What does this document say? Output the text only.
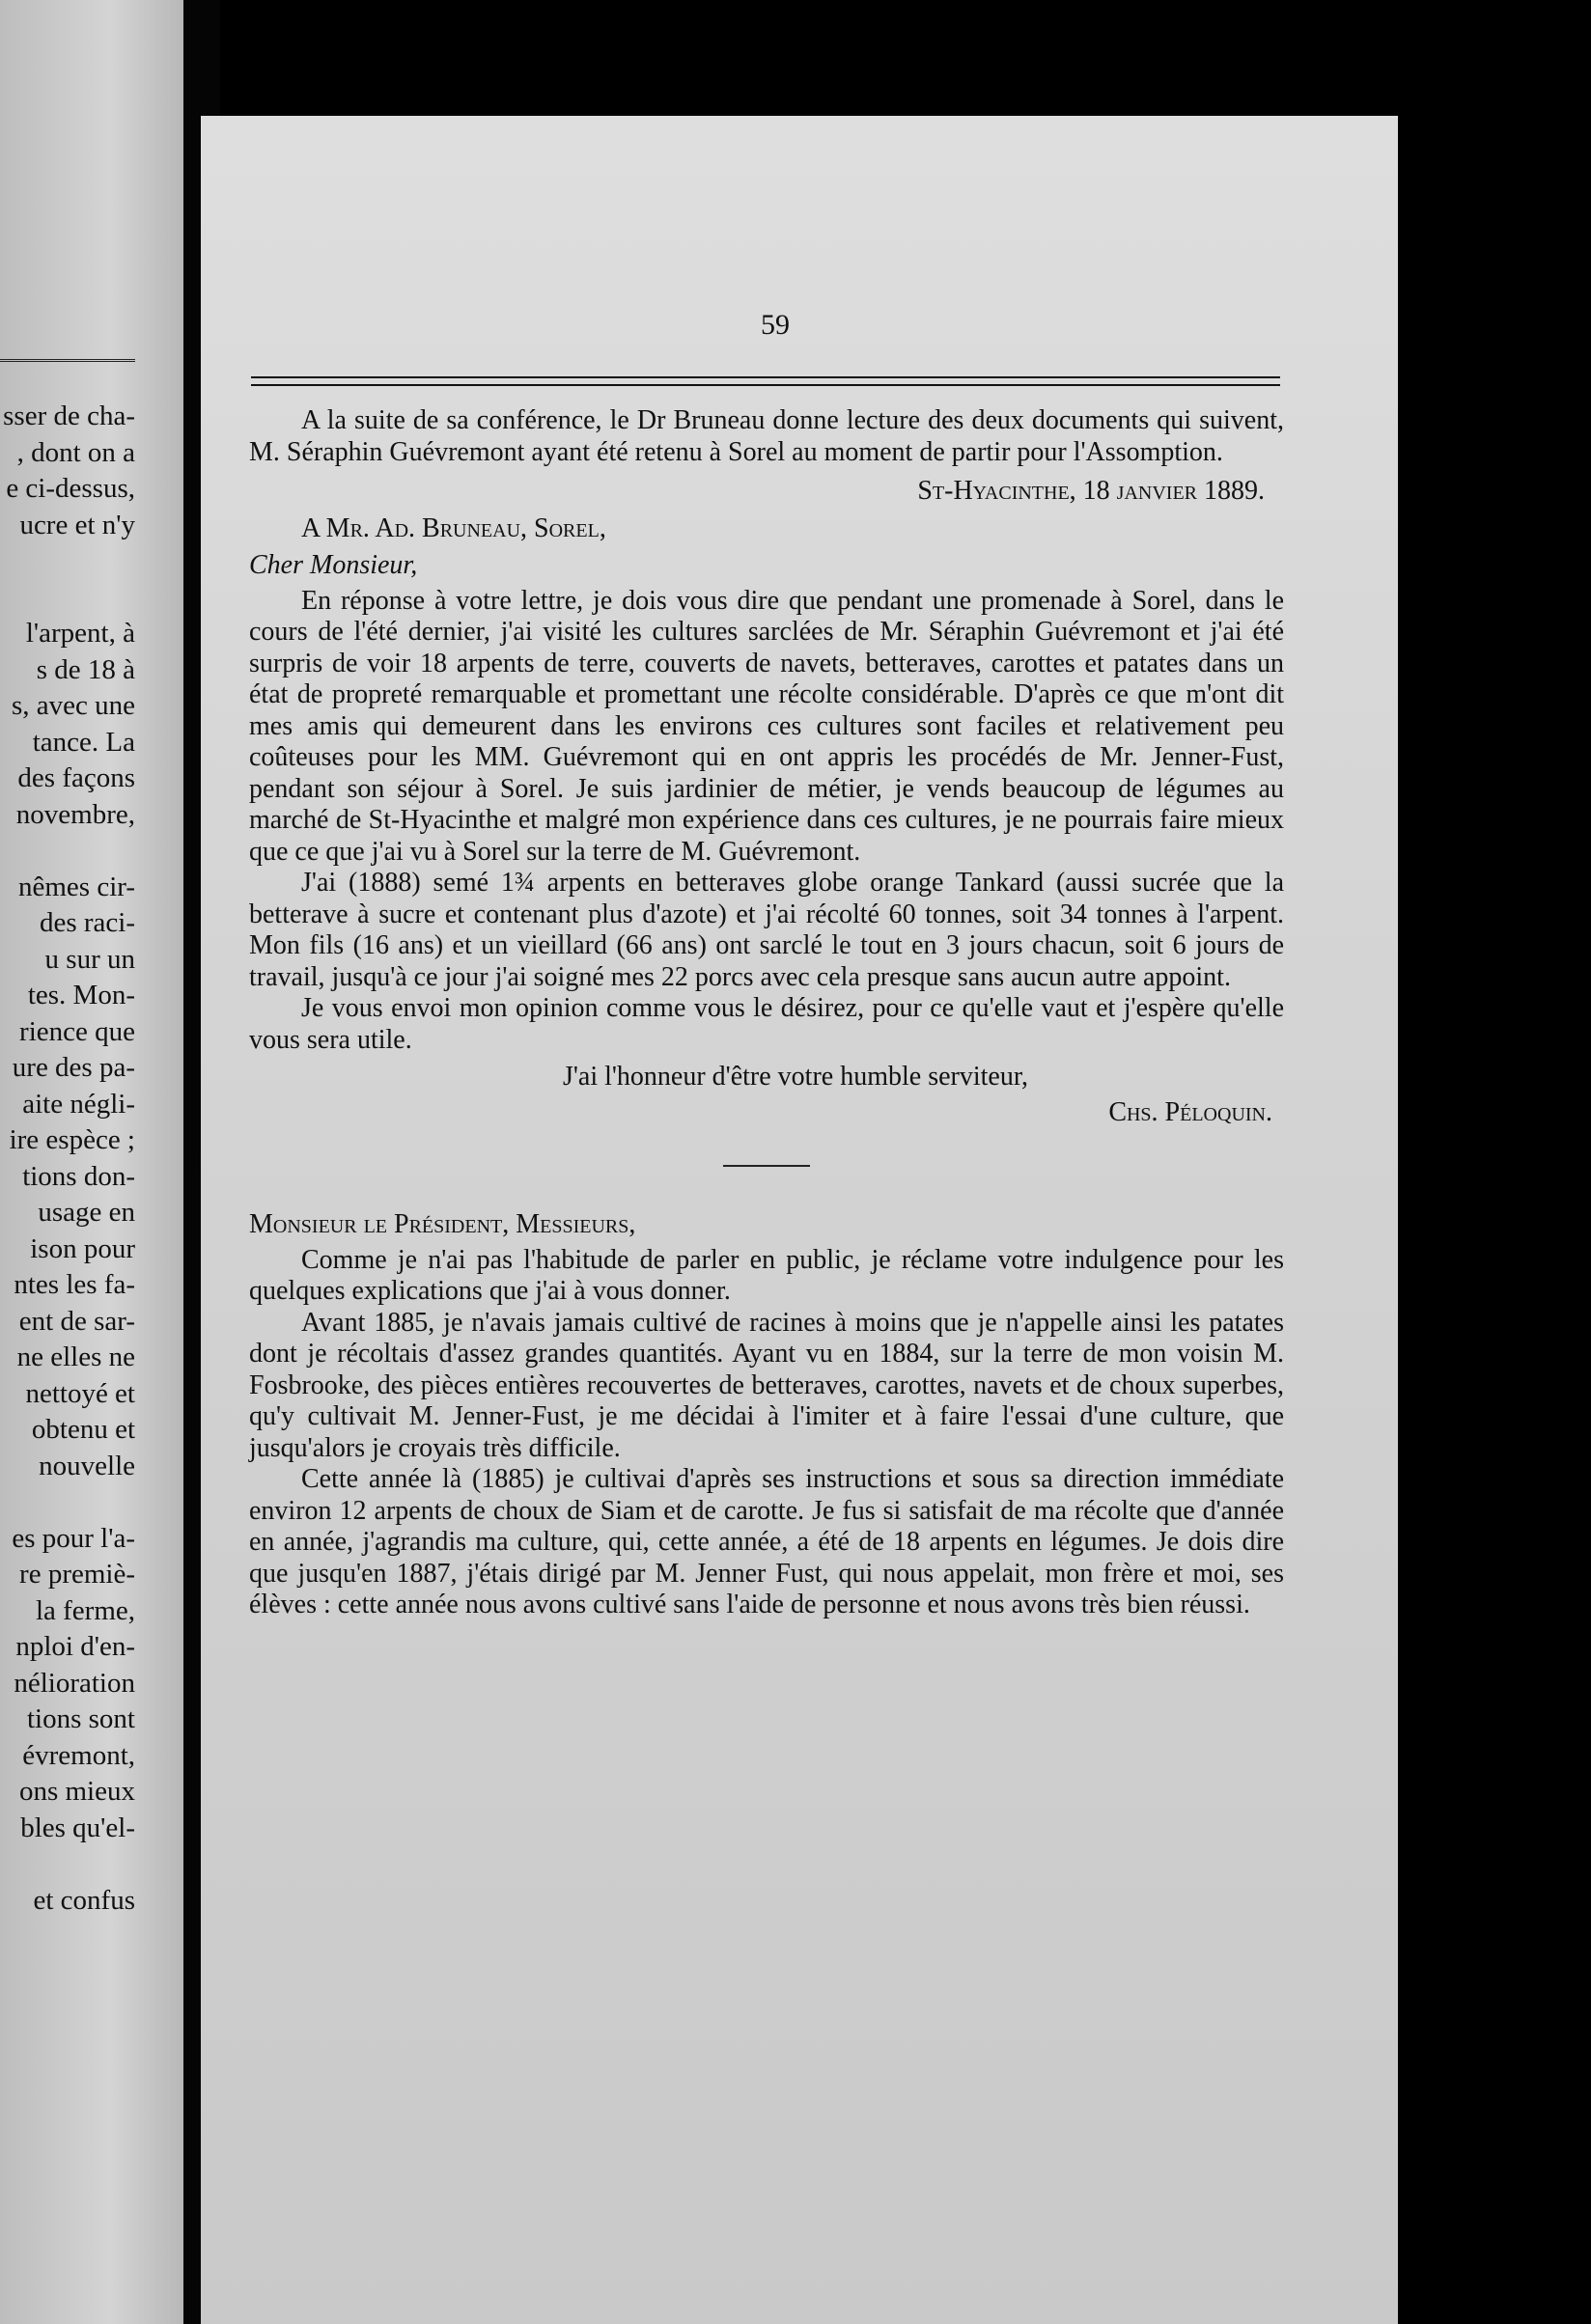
sser de cha-
, dont on a
e ci-dessus,
ucre et n'y
l'arpent, à
s de 18 à
s, avec une
tance. La
des façons
novembre,
nêmes cir-
des raci-
u sur un
tes. Mon-
rience que
ure des pa-
aite négli-
ire espèce ;
tions don-
usage en
ison pour
ntes les fa-
ent de sar-
ne elles ne
nettoyé et
obtenu et
nouvelle
es pour l'a-
re premiè-
la ferme,
nploi d'en-
nélioration
tions sont
évremont,
ons mieux
bles qu'el-
et confus
59

A la suite de sa conférence, le Dr Bruneau donne lecture des deux documents qui suivent, M. Séraphin Guévremont ayant été retenu à Sorel au moment de partir pour l'Assomption.

St-Hyacinthe, 18 janvier 1889.
A Mr. Ad. Bruneau, Sorel,
Cher Monsieur,

En réponse à votre lettre, je dois vous dire que pendant une promenade à Sorel, dans le cours de l'été dernier, j'ai visité les cultures sarclées de Mr. Séraphin Guévremont et j'ai été surpris de voir 18 arpents de terre, couverts de navets, betteraves, carottes et patates dans un état de propreté remarquable et promettant une récolte considérable. D'après ce que m'ont dit mes amis qui demeurent dans les environs ces cultures sont faciles et relativement peu coûteuses pour les MM. Guévremont qui en ont appris les procédés de Mr. Jenner-Fust, pendant son séjour à Sorel. Je suis jardinier de métier, je vends beaucoup de légumes au marché de St-Hyacinthe et malgré mon expérience dans ces cultures, je ne pourrais faire mieux que ce que j'ai vu à Sorel sur la terre de M. Guévremont.

J'ai (1888) semé 1¾ arpents en betteraves globe orange Tankard (aussi sucrée que la betterave à sucre et contenant plus d'azote) et j'ai récolté 60 tonnes, soit 34 tonnes à l'arpent. Mon fils (16 ans) et un vieillard (66 ans) ont sarclé le tout en 3 jours chacun, soit 6 jours de travail, jusqu'à ce jour j'ai soigné mes 22 porcs avec cela presque sans aucun autre appoint.

Je vous envoi mon opinion comme vous le désirez, pour ce qu'elle vaut et j'espère qu'elle vous sera utile.

J'ai l'honneur d'être votre humble serviteur,
Chs. Péloquin.
Monsieur le Président, Messieurs,

Comme je n'ai pas l'habitude de parler en public, je réclame votre indulgence pour les quelques explications que j'ai à vous donner.

Avant 1885, je n'avais jamais cultivé de racines à moins que je n'appelle ainsi les patates dont je récoltais d'assez grandes quantités. Ayant vu en 1884, sur la terre de mon voisin M. Fosbrooke, des pièces entières recouvertes de betteraves, carottes, navets et de choux superbes, qu'y cultivait M. Jenner-Fust, je me décidai à l'imiter et à faire l'essai d'une culture, que jusqu'alors je croyais très difficile.

Cette année là (1885) je cultivai d'après ses instructions et sous sa direction immédiate environ 12 arpents de choux de Siam et de carotte. Je fus si satisfait de ma récolte que d'année en année, j'agrandis ma culture, qui, cette année, a été de 18 arpents en légumes. Je dois dire que jusqu'en 1887, j'étais dirigé par M. Jenner Fust, qui nous appelait, mon frère et moi, ses élèves : cette année nous avons cultivé sans l'aide de personne et nous avons très bien réussi.
